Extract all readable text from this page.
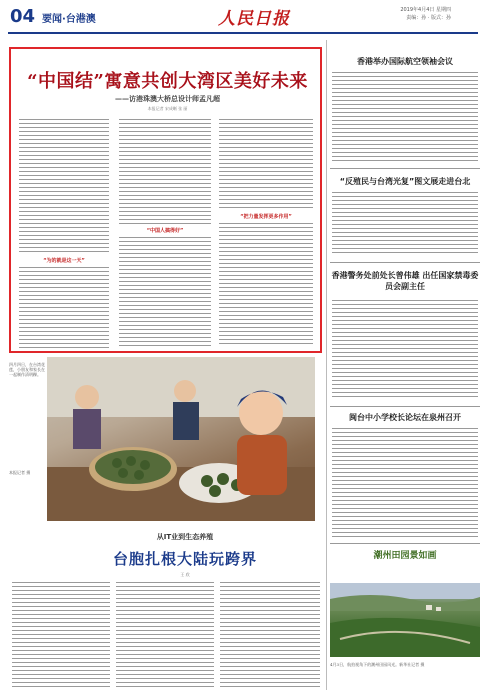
04 要闻·台港澳	人民日报	2019年4月4日 星期四
责编：孙 · 版式：孙
“中国结”寓意共创大湾区美好未来
——访港珠澳大桥总设计师孟凡超
本报记者 宋成晰 张 丽
“为的就是这一天”
“中国人搞得好”
“把力量发挥更多作用”
香港举办国际航空领袖会议
“反殖民与台湾光复”图文展走进台北
香港警务处前处长曾伟雄 出任国家禁毒委员会副主任
闽台中小学校长论坛在泉州召开
四月四日，在台湾花莲，小朋友和家长在一起制作清明粿。
本报记者 摄
从IT业到生态养殖
台胞扎根大陆玩跨界
王 欣
潮州田园景如画
4月3日，航拍视角下的潮州田园风光。新华社记者 摄
